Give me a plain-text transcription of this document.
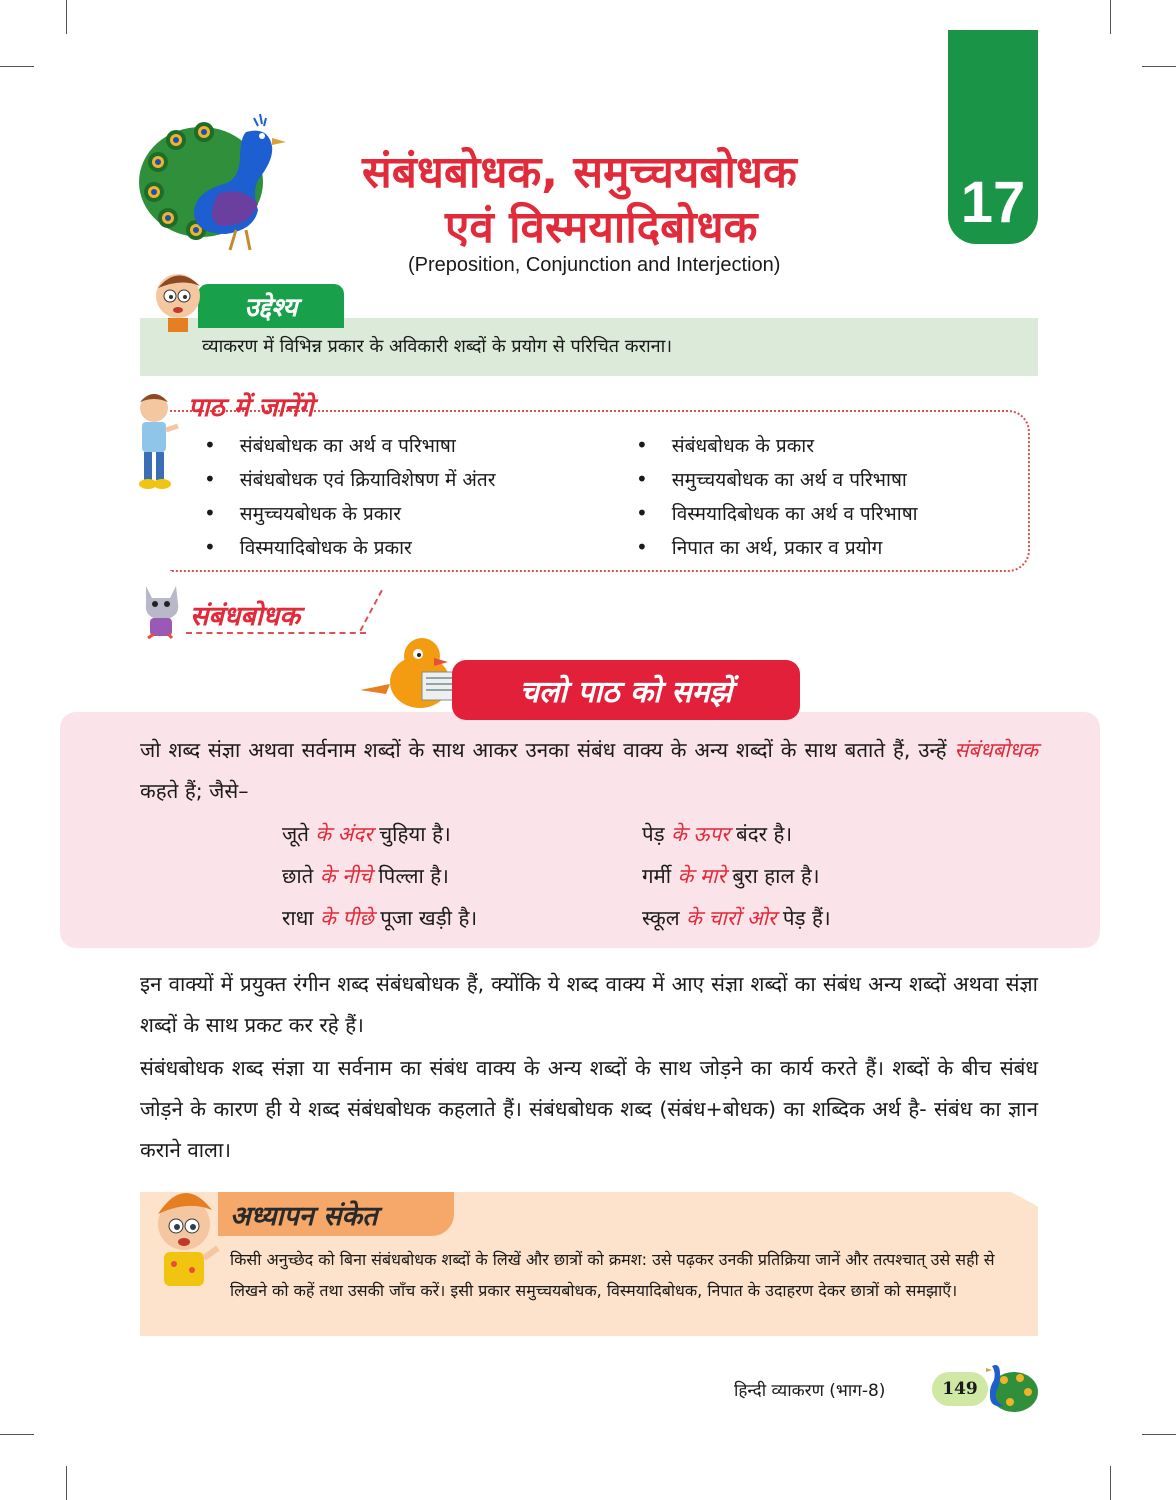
संबंधबोधक, समुच्चयबोधक
एवं विस्मयादिबोधक
(Preposition, Conjunction and Interjection)
17
व्याकरण में विभिन्न प्रकार के अविकारी शब्दों के प्रयोग से परिचित कराना।
उद्देश्य
पाठ में जानेंगे
• संबंधबोधक का अर्थ व परिभाषा
• संबंधबोधक एवं क्रियाविशेषण में अंतर
• समुच्चयबोधक के प्रकार
• विस्मयादिबोधक के प्रकार
• संबंधबोधक के प्रकार
• समुच्चयबोधक का अर्थ व परिभाषा
• विस्मयादिबोधक का अर्थ व परिभाषा
• निपात का अर्थ, प्रकार व प्रयोग
संबंधबोधक
चलो पाठ को समझें
जो शब्द संज्ञा अथवा सर्वनाम शब्दों के साथ आकर उनका संबंध वाक्य के अन्य शब्दों के साथ बताते हैं, उन्हें संबंधबोधक कहते हैं; जैसे–
जूते के अंदर चुहिया है।
छाते के नीचे पिल्ला है।
राधा के पीछे पूजा खड़ी है।
पेड़ के ऊपर बंदर है।
गर्मी के मारे बुरा हाल है।
स्कूल के चारों ओर पेड़ हैं।
इन वाक्यों में प्रयुक्त रंगीन शब्द संबंधबोधक हैं, क्योंकि ये शब्द वाक्य में आए संज्ञा शब्दों का संबंध अन्य शब्दों अथवा संज्ञा शब्दों के साथ प्रकट कर रहे हैं।
संबंधबोधक शब्द संज्ञा या सर्वनाम का संबंध वाक्य के अन्य शब्दों के साथ जोड़ने का कार्य करते हैं। शब्दों के बीच संबंध जोड़ने के कारण ही ये शब्द संबंधबोधक कहलाते हैं। संबंधबोधक शब्द (संबंध+बोधक) का शब्दिक अर्थ है- संबंध का ज्ञान कराने वाला।
अध्यापन संकेत
किसी अनुच्छेद को बिना संबंधबोधक शब्दों के लिखें और छात्रों को क्रमश: उसे पढ़कर उनकी प्रतिक्रिया जानें और तत्पश्चात् उसे सही से लिखने को कहें तथा उसकी जाँच करें। इसी प्रकार समुच्चयबोधक, विस्मयादिबोधक, निपात के उदाहरण देकर छात्रों को समझाएँ।
हिन्दी व्याकरण (भाग-8)	149
